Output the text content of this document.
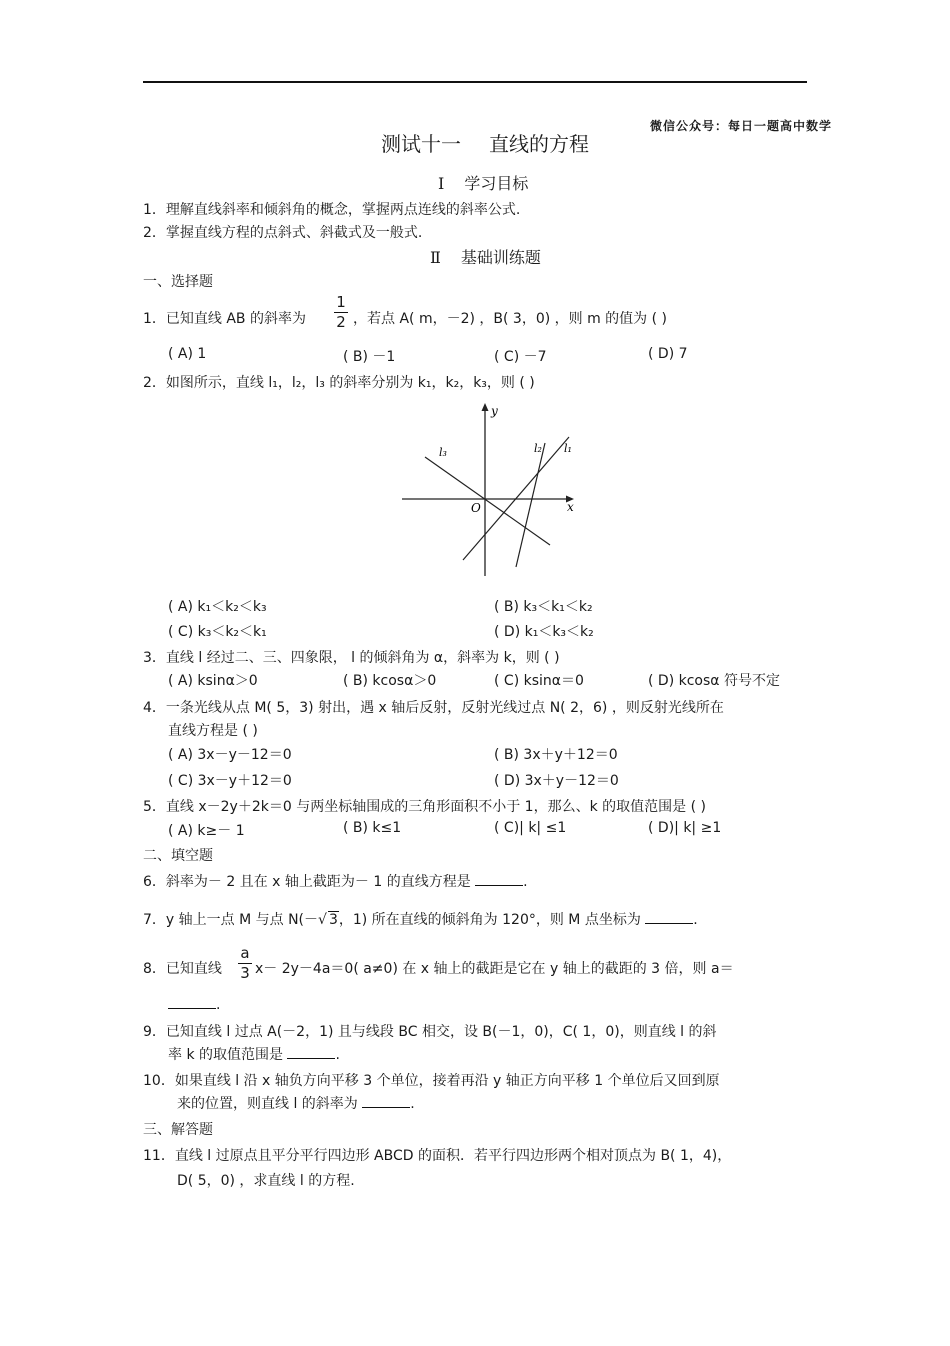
微信公众号：每日一题高中数学
测试十一 直线的方程
Ⅰ 学习目标
1．理解直线斜率和倾斜角的概念，掌握两点连线的斜率公式.
2．掌握直线方程的点斜式、斜截式及一般式.
Ⅱ 基础训练题
一、选择题
1．已知直线 AB 的斜率为
1
2 ，若点 A( m，－2) ，B( 3，0) ，则 m 的值为 ( )
( A) 1	( B) －1	( C) －7	( D) 7
2．如图所示，直线 l₁，l₂，l₃ 的斜率分别为 k₁，k₂，k₃，则 ( )
x
y
O
l₃	l₂ l₁
( A) k₁＜k₂＜k₃	( B) k₃＜k₁＜k₂
( C) k₃＜k₂＜k₁	( D) k₁＜k₃＜k₂
3．直线 l 经过二、三、四象限， l 的倾斜角为 α，斜率为 k，则 ( )
( A) ksinα＞0	( B) kcosα＞0	( C) ksinα＝0	( D) kcosα 符号不定
4．一条光线从点 M( 5，3) 射出，遇 x 轴后反射，反射光线过点 N( 2，6) ，则反射光线所在
直线方程是 ( )
( A) 3x－y－12＝0	( B) 3x＋y＋12＝0
( C) 3x－y＋12＝0	( D) 3x＋y－12＝0
5．直线 x－2y＋2k＝0 与两坐标轴围成的三角形面积不小于 1，那么、k 的取值范围是 ( )
( A) k≥－ 1	( B) k≤1	( C)| k| ≤1	( D)| k| ≥1
二、填空题
6．斜率为－ 2 且在 x 轴上截距为－ 1 的直线方程是	.
7．y 轴上一点 M 与点 N(－√ 3，1) 所在直线的倾斜角为 120°，则 M 点坐标为	.
8．已知直线
a
3 x－ 2y－4a＝0( a≠0) 在 x 轴上的截距是它在 y 轴上的截距的 3 倍，则 a＝
.
9．已知直线 l 过点 A(－2，1) 且与线段 BC 相交，设 B(－1，0)，C( 1，0)，则直线 l 的斜
率 k 的取值范围是	.
10．如果直线 l 沿 x 轴负方向平移 3 个单位，接着再沿 y 轴正方向平移 1 个单位后又回到原
来的位置，则直线 l 的斜率为	.
三、解答题
11．直线 l 过原点且平分平行四边形 ABCD 的面积．若平行四边形两个相对顶点为 B( 1，4)，
D( 5，0) ，求直线 l 的方程.
